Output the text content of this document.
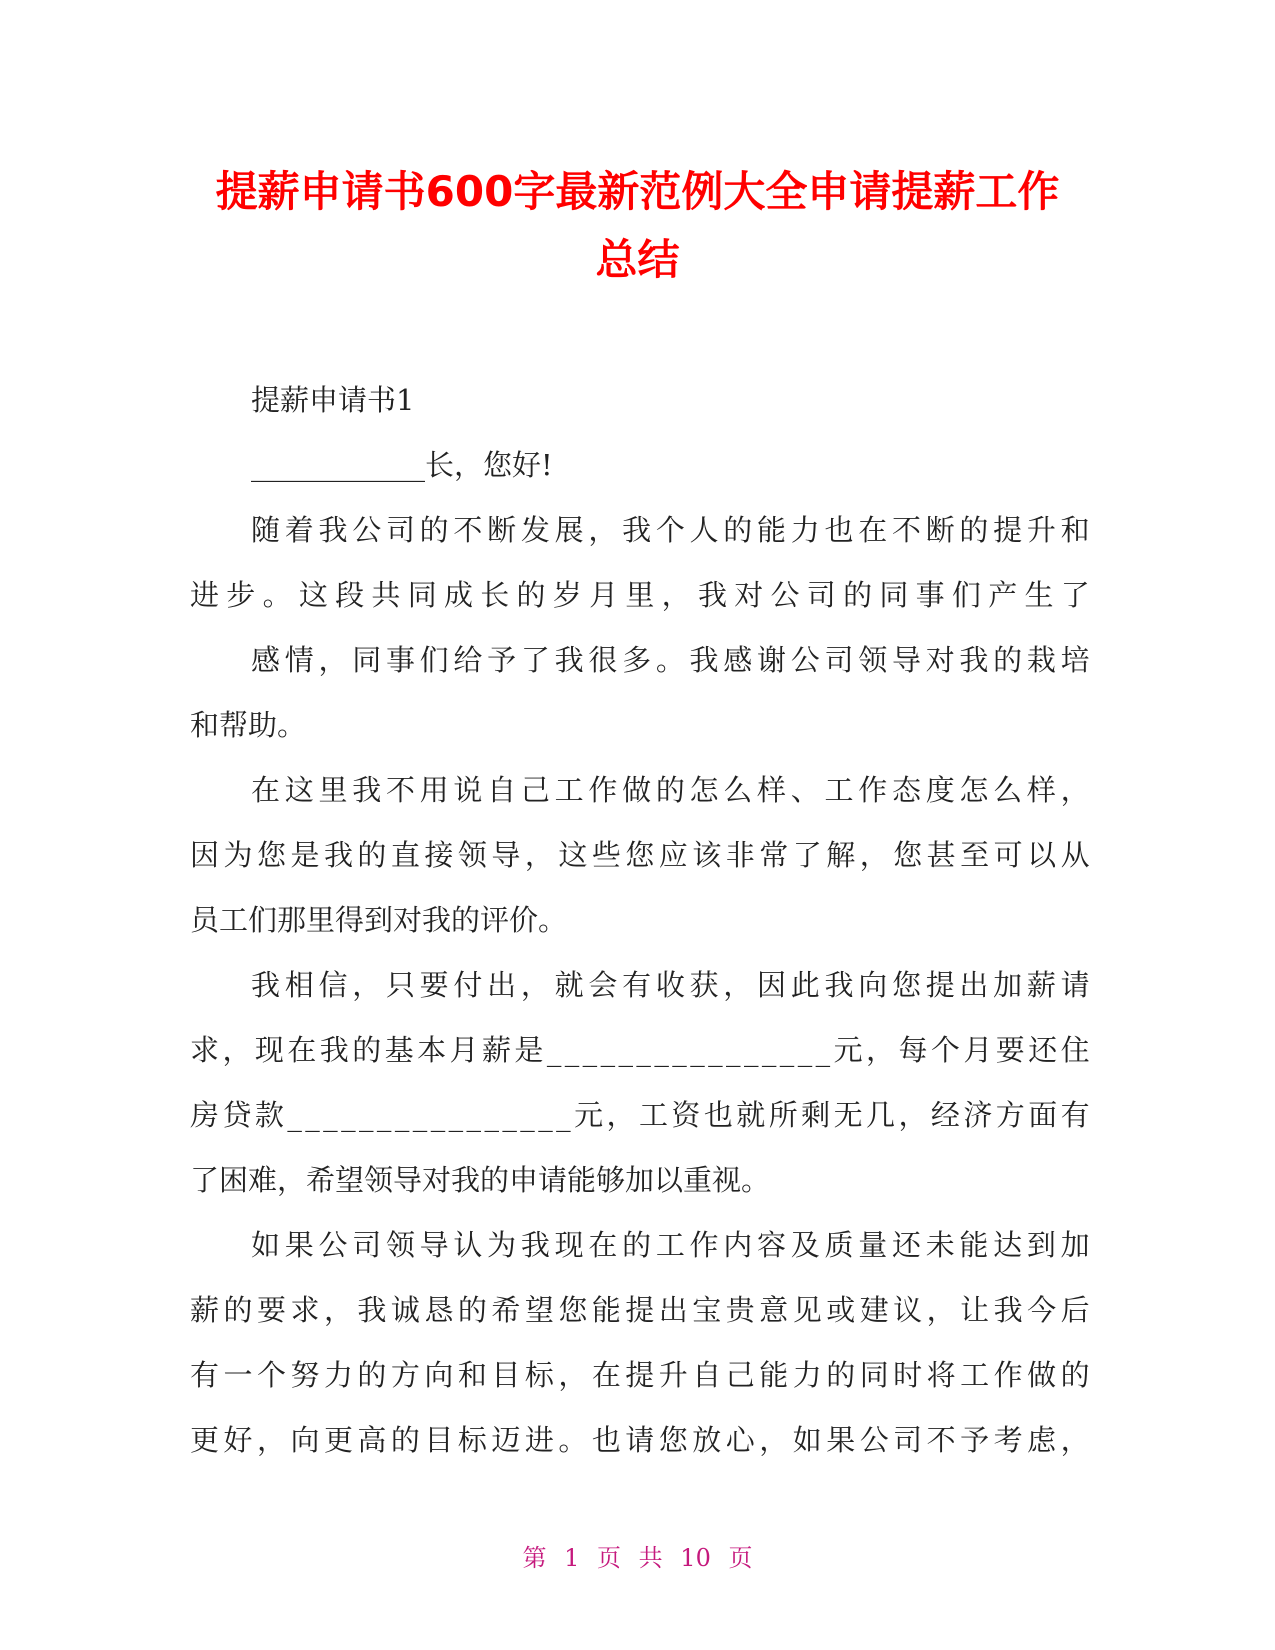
提薪申请书600字最新范例大全申请提薪工作
总结
提薪申请书1
____________长，您好!
随 着 我 公 司 的 不 断 发 展 ， 我 个 人 的 能 力 也 在 不 断 的 提 升 和
进 步 。 这 段 共 同 成 长 的 岁 月 里 ， 我 对 公 司 的 同 事 们 产 生 了
感 情 ， 同 事 们 给 予 了 我 很 多 。 我 感 谢 公 司 领 导 对 我 的 栽 培
和帮助。
在 这 里 我 不 用 说 自 己 工 作 做 的 怎 么 样 、 工 作 态 度 怎 么 样 ，
因 为 您 是 我 的 直 接 领 导 ， 这 些 您 应 该 非 常 了 解 ， 您 甚 至 可 以 从
员工们那里得到对我的评价。
我 相 信 ， 只 要 付 出 ， 就 会 有 收 获 ， 因 此 我 向 您 提 出 加 薪 请
求 ， 现 在 我 的 基 本 月 薪 是 _ _ _ _ _ _ _ _ _ _ _ _ _ _ _ _ 元 ， 每 个 月 要 还 住
房 贷 款 _ _ _ _ _ _ _ _ _ _ _ _ _ _ _ _ 元 ， 工 资 也 就 所 剩 无 几 ， 经 济 方 面 有
了困难，希望领导对我的申请能够加以重视。
如 果 公 司 领 导 认 为 我 现 在 的 工 作 内 容 及 质 量 还 未 能 达 到 加
薪 的 要 求 ， 我 诚 恳 的 希 望 您 能 提 出 宝 贵 意 见 或 建 议 ， 让 我 今 后
有 一 个 努 力 的 方 向 和 目 标 ， 在 提 升 自 己 能 力 的 同 时 将 工 作 做 的
更 好 ， 向 更 高 的 目 标 迈 进 。 也 请 您 放 心 ， 如 果 公 司 不 予 考 虑 ，
第 1 页 共 10 页
